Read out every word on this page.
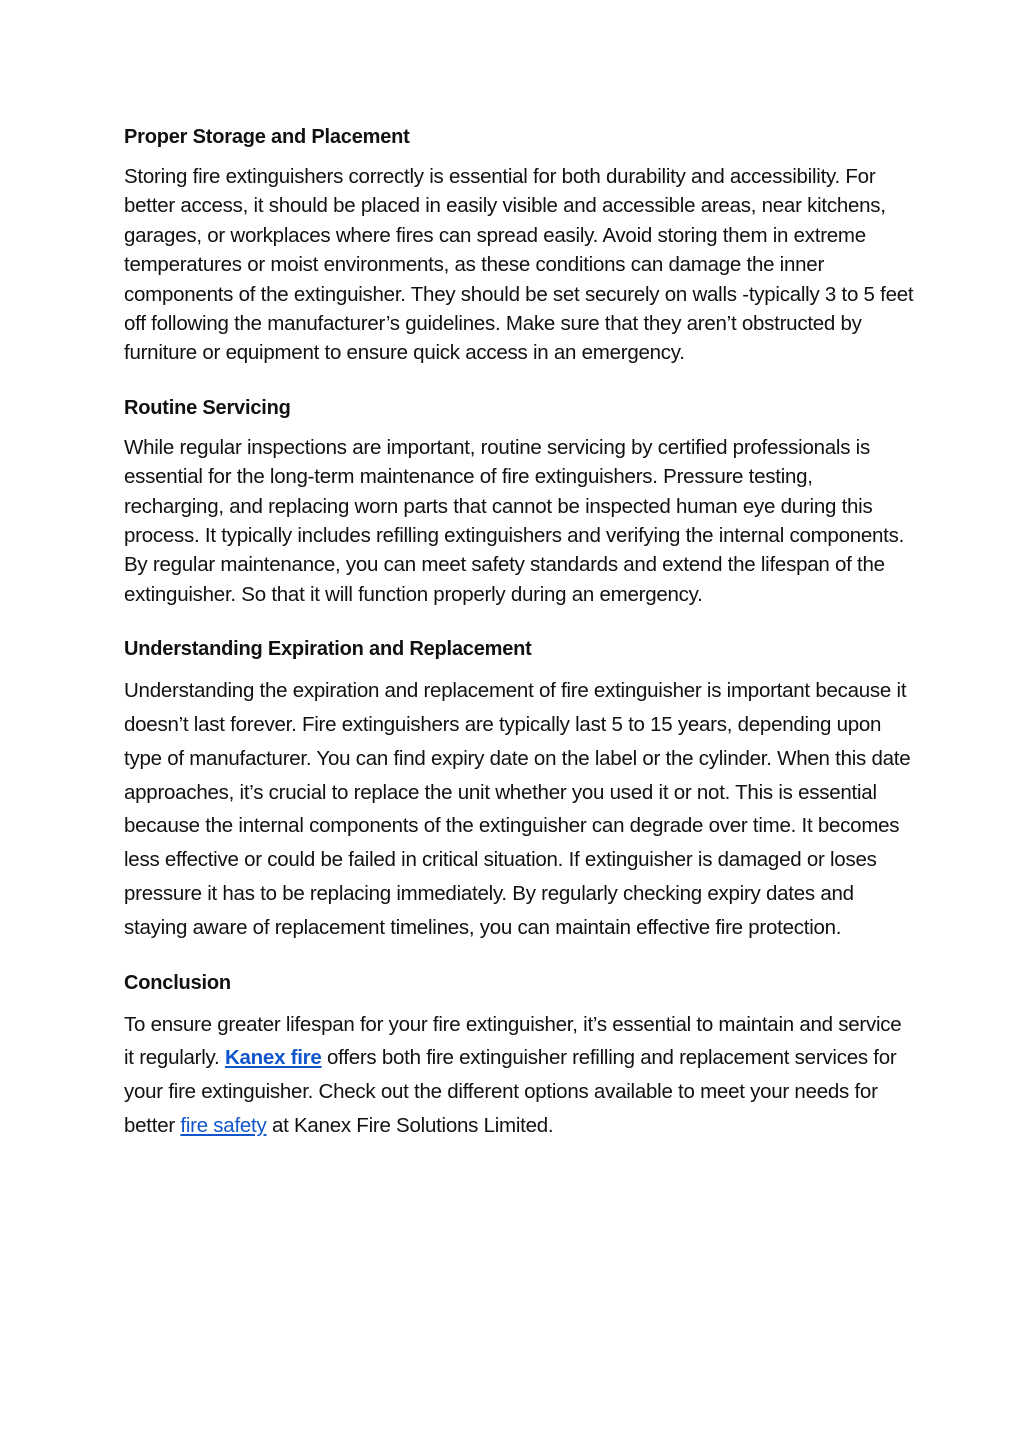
Proper Storage and Placement

Storing fire extinguishers correctly is essential for both durability and accessibility. For better access, it should be placed in easily visible and accessible areas, near kitchens, garages, or workplaces where fires can spread easily. Avoid storing them in extreme temperatures or moist environments, as these conditions can damage the inner components of the extinguisher. They should be set securely on walls -typically 3 to 5 feet off following the manufacturer’s guidelines. Make sure that they aren’t obstructed by furniture or equipment to ensure quick access in an emergency.

Routine Servicing

While regular inspections are important, routine servicing by certified professionals is essential for the long-term maintenance of fire extinguishers. Pressure testing, recharging, and replacing worn parts that cannot be inspected human eye during this process. It typically includes refilling extinguishers and verifying the internal components. By regular maintenance, you can meet safety standards and extend the lifespan of the extinguisher. So that it will function properly during an emergency.

Understanding Expiration and Replacement

Understanding the expiration and replacement of fire extinguisher is important because it doesn’t last forever. Fire extinguishers are typically last 5 to 15 years, depending upon type of manufacturer. You can find expiry date on the label or the cylinder. When this date approaches, it’s crucial to replace the unit whether you used it or not. This is essential because the internal components of the extinguisher can degrade over time. It becomes less effective or could be failed in critical situation. If extinguisher is damaged or loses pressure it has to be replacing immediately. By regularly checking expiry dates and staying aware of replacement timelines, you can maintain effective fire protection.

Conclusion

To ensure greater lifespan for your fire extinguisher, it’s essential to maintain and service it regularly. Kanex fire offers both fire extinguisher refilling and replacement services for your fire extinguisher. Check out the different options available to meet your needs for better fire safety at Kanex Fire Solutions Limited.
